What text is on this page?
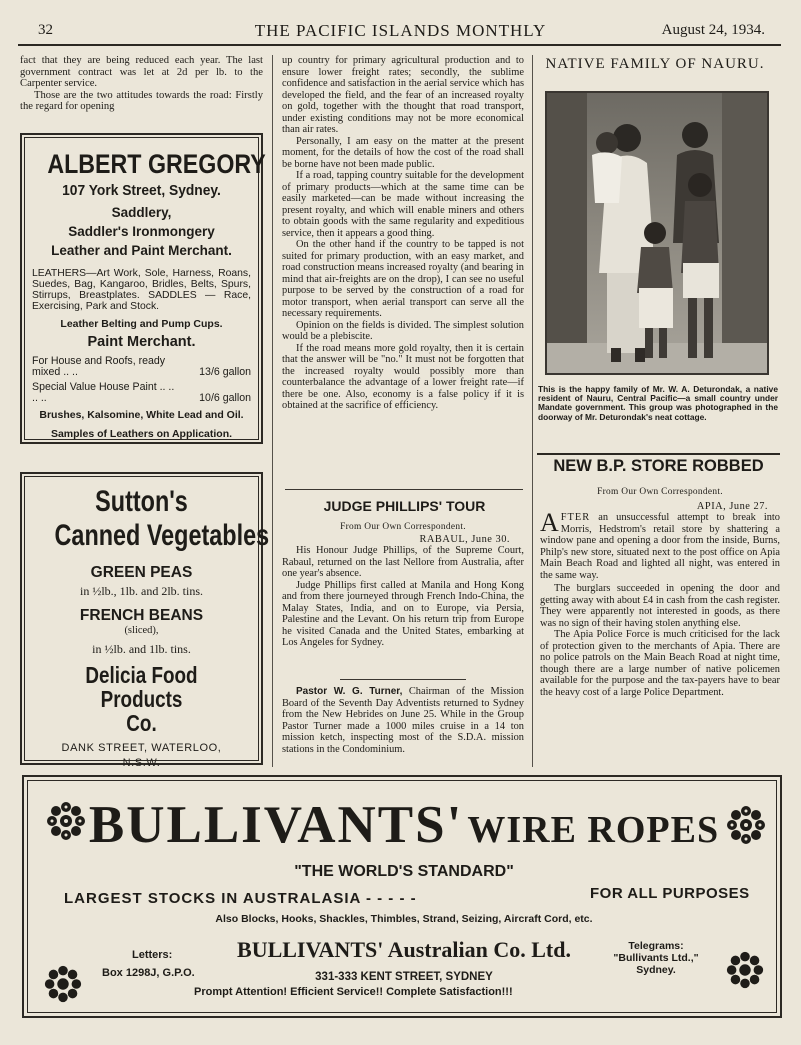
32	THE PACIFIC ISLANDS MONTHLY	August 24, 1934.

fact that they are being reduced each year. The last government contract was let at 2d per lb. to the Carpenter service.

Those are the two attitudes towards the road: Firstly the regard for opening

ALBERT GREGORY
107 York Street, Sydney.
Saddlery,
Saddler's Ironmongery
Leather and Paint Merchant.
LEATHERS—Art Work, Sole, Harness, Roans, Suedes, Bag, Kangaroo, Bridles, Belts, Spurs, Stirrups, Breastplates. SADDLES — Race, Exercising, Park and Stock.
Leather Belting and Pump Cups.
Paint Merchant.
For House and Roofs, ready mixed .. ..	13/6 gallon
Special Value House Paint .. .. .. ..	10/6 gallon
Brushes, Kalsomine, White Lead and Oil.
Samples of Leathers on Application.
Sutton's
Canned Vegetables
GREEN PEAS
in ½lb., 1lb. and 2lb. tins.
FRENCH BEANS
(sliced),
in ½lb. and 1lb. tins.
Delicia Food Products
Co.
DANK STREET, WATERLOO,
N.S.W.

up country for primary agricultural production and to ensure lower freight rates; secondly, the sublime confidence and satisfaction in the aerial service which has developed the field, and the fear of an increased royalty on gold, together with the thought that road transport, under existing conditions may not be more economical than air rates.

Personally, I am easy on the matter at the present moment, for the details of how the cost of the road shall be borne have not been made public.

If a road, tapping country suitable for the development of primary products—which at the same time can be easily marketed—can be made without increasing the present royalty, and which will enable miners and others to obtain goods with the same regularity and expeditious service, then it appears a good thing.

On the other hand if the country to be tapped is not suited for primary production, with an easy market, and road construction means increased royalty (and bearing in mind that air-freights are on the drop), I can see no useful purpose to be served by the construction of a road for motor transport, when aerial transport can serve all the necessary requirements.

Opinion on the fields is divided. The simplest solution would be a plebiscite.

If the road means more gold royalty, then it is certain that the answer will be "no." It must not be forgotten that the increased royalty would possibly more than counterbalance the advantage of a lower freight rate—if there be one. Also, economy is a false policy if it is obtained at the sacrifice of efficiency.

JUDGE PHILLIPS' TOUR
From Our Own Correspondent.
RABAUL, June 30.

His Honour Judge Phillips, of the Supreme Court, Rabaul, returned on the last Nellore from Australia, after one year's absence.

Judge Phillips first called at Manila and Hong Kong and from there journeyed through French Indo-China, the Malay States, India, and on to Europe, via Persia, Palestine and the Levant. On his return trip from Europe he visited Canada and the United States, embarking at Los Angeles for Sydney.

Pastor W. G. Turner, Chairman of the Mission Board of the Seventh Day Adventists returned to Sydney from the New Hebrides on June 25. While in the Group Pastor Turner made a 1000 miles cruise in a 14 ton mission ketch, inspecting most of the S.D.A. mission stations in the Condominium.

NATIVE FAMILY OF NAURU.
This is the happy family of Mr. W. A. Deturondak, a native resident of Nauru, Central Pacific—a small country under Mandate government. This group was photographed in the doorway of Mr. Deturondak's neat cottage.
NEW B.P. STORE ROBBED
From Our Own Correspondent.
APIA, June 27.

AFTER an unsuccessful attempt to break into Morris, Hedstrom's retail store by shattering a window pane and opening a door from the inside, Burns, Philp's new store, situated next to the post office on Apia Main Beach Road and lighted all night, was entered in the same way.

The burglars succeeded in opening the door and getting away with about £4 in cash from the cash register. They were apparently not interested in goods, as there was no sign of their having stolen anything else.

The Apia Police Force is much criticised for the lack of protection given to the merchants of Apia. There are no police patrols on the Main Beach Road at night time, though there are a large number of native policemen available for the purpose and the tax-payers have to bear the heavy cost of a large Police Department.

BULLIVANTS' WIRE ROPES
"THE WORLD'S STANDARD"
LARGEST STOCKS IN AUSTRALASIA - - - - -	FOR ALL PURPOSES
Also Blocks, Hooks, Shackles, Thimbles, Strand, Seizing, Aircraft Cord, etc.
Letters:
Box 1298J, G.P.O.
BULLIVANTS' Australian Co. Ltd.
331-333 KENT STREET, SYDNEY
Prompt Attention! Efficient Service!! Complete Satisfaction!!!
Telegrams:
"Bullivants Ltd.,"
Sydney.
